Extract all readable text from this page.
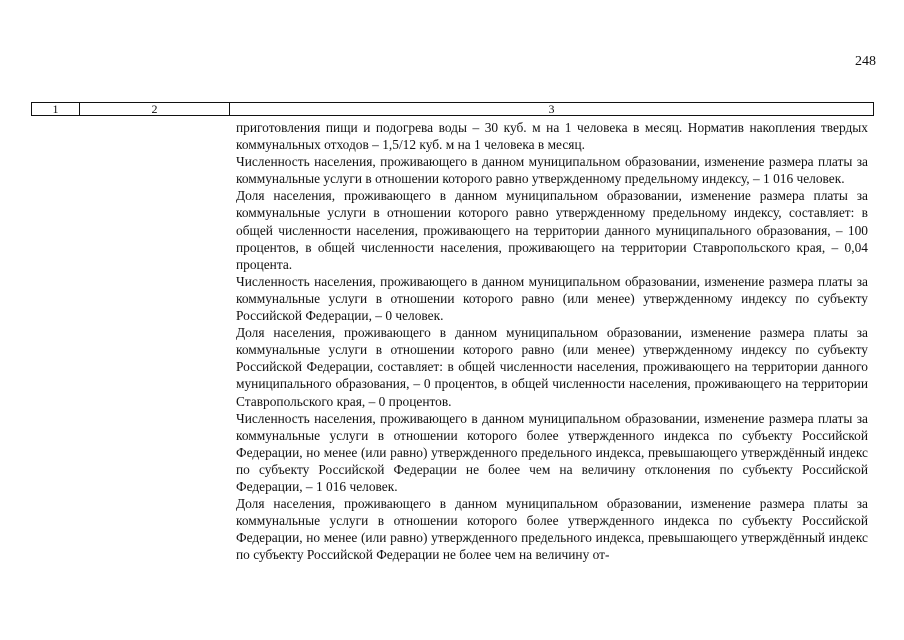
248
1	2	3

приготовления пищи и подогрева воды – 30 куб. м на 1 человека в месяц. Норматив накопления твердых коммунальных отходов – 1,5/12 куб. м на 1 человека в месяц.

Численность населения, проживающего в данном муниципальном образовании, изменение размера платы за коммунальные услуги в отношении которого равно утвержденному предельному индексу, – 1 016 человек.

Доля населения, проживающего в данном муниципальном образовании, изменение размера платы за коммунальные услуги в отношении которого равно утвержденному предельному индексу, составляет: в общей численности населения, проживающего на территории данного муниципального образования, – 100 процентов, в общей численности населения, проживающего на территории Ставропольского края, – 0,04 процента.

Численность населения, проживающего в данном муниципальном образовании, изменение размера платы за коммунальные услуги в отношении которого равно (или менее) утвержденному индексу по субъекту Российской Федерации, – 0 человек.

Доля населения, проживающего в данном муниципальном образовании, изменение размера платы за коммунальные услуги в отношении которого равно (или менее) утвержденному индексу по субъекту Российской Федерации, составляет: в общей численности населения, проживающего на территории данного муниципального образования, – 0 процентов, в общей численности населения, проживающего на территории Ставропольского края, – 0 процентов.

Численность населения, проживающего в данном муниципальном образовании, изменение размера платы за коммунальные услуги в отношении которого более утвержденного индекса по субъекту Российской Федерации, но менее (или равно) утвержденного предельного индекса, превышающего утверждённый индекс по субъекту Российской Федерации не более чем на величину отклонения по субъекту Российской Федерации, – 1 016 человек.

Доля населения, проживающего в данном муниципальном образовании, изменение размера платы за коммунальные услуги в отношении которого более утвержденного индекса по субъекту Российской Федерации, но менее (или равно) утвержденного предельного индекса, превышающего утверждённый индекс по субъекту Российской Федерации не более чем на величину от-
